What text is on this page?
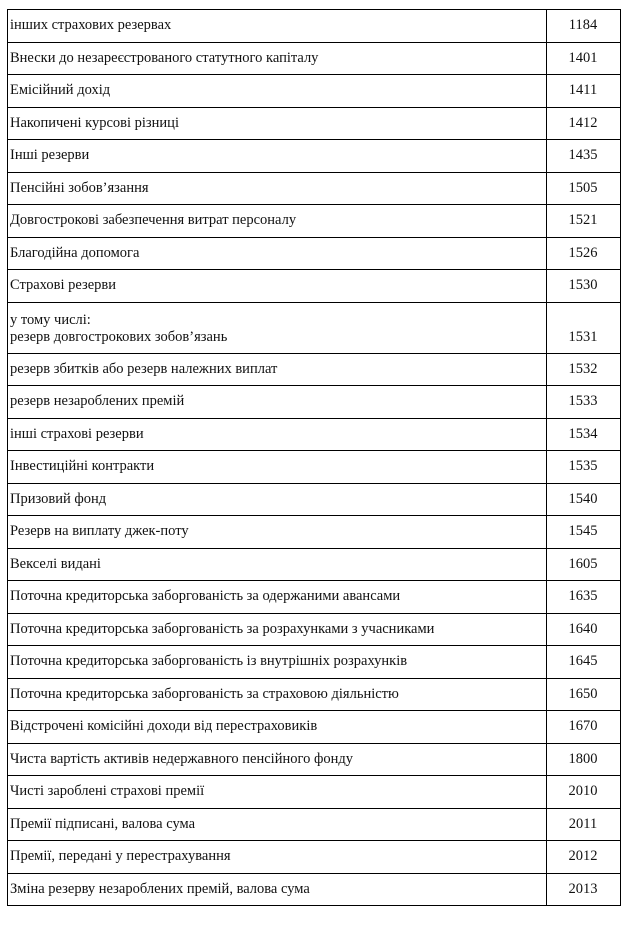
інших страхових резервах	1184
Внески до незареєстрованого статутного капіталу	1401
Емісійний дохід	1411
Накопичені курсові різниці	1412
Інші резерви	1435
Пенсійні зобов’язання	1505
Довгострокові забезпечення витрат персоналу	1521
Благодійна допомога	1526
Страхові резерви	1530

у тому числі:
резерв довгострокових зобов’язань	1531
резерв збитків або резерв належних виплат	1532
резерв незароблених премій	1533
інші страхові резерви	1534
Інвестиційні контракти	1535
Призовий фонд	1540
Резерв на виплату джек-поту	1545
Векселі видані	1605
Поточна кредиторська заборгованість за одержаними авансами	1635
Поточна кредиторська заборгованість за розрахунками з учасниками	1640
Поточна кредиторська заборгованість із внутрішніх розрахунків	1645
Поточна кредиторська заборгованість за страховою діяльністю	1650
Відстрочені комісійні доходи від перестраховиків	1670
Чиста вартість активів недержавного пенсійного фонду	1800
Чисті зароблені страхові премії	2010
Премії підписані, валова сума	2011
Премії, передані у перестрахування	2012
Зміна резерву незароблених премій, валова сума	2013
